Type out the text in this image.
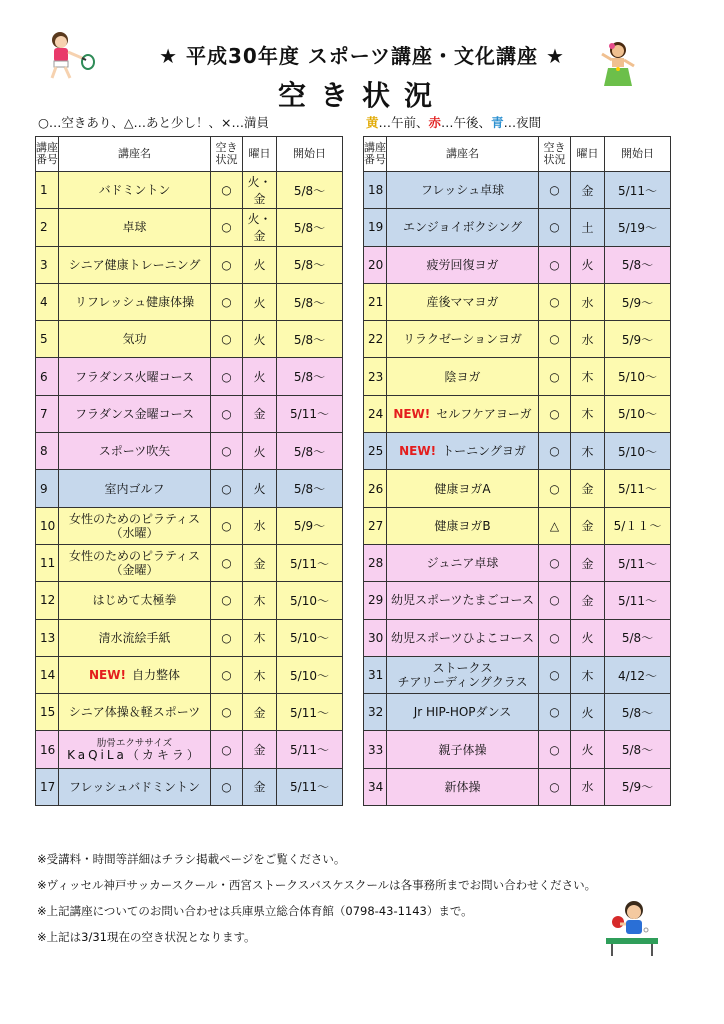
★ 平成30年度 スポーツ講座・文化講座 ★
空き状況
○…空きあり、△…あと少し！、×…満員	黄…午前、赤…午後、青…夜間
講座番号	講座名	空き状況	曜日	開始日
1	バドミントン	○	火・金	5/8～
2	卓球	○	火・金	5/8～
3	シニア健康トレーニング	○	火	5/8～
4	リフレッシュ健康体操	○	火	5/8～
5	気功	○	火	5/8～
6	フラダンス火曜コース	○	火	5/8～
7	フラダンス金曜コース	○	金	5/11～
8	スポーツ吹矢	○	火	5/8～
9	室内ゴルフ	○	火	5/8～
10	女性のためのピラティス
（水曜）	○	水	5/9～
11	女性のためのピラティス
（金曜）	○	金	5/11～
12	はじめて太極拳	○	木	5/10～
13	清水流絵手紙	○	木	5/10～
14	NEW! 自力整体	○	木	5/10～
15	シニア体操＆軽スポーツ	○	金	5/11～
16	肋骨エクササイズ
KaQiLa（カキラ）	○	金	5/11～
17	フレッシュバドミントン	○	金	5/11～
講座番号	講座名	空き状況	曜日	開始日
18	フレッシュ卓球	○	金	5/11～
19	エンジョイボクシング	○	土	5/19～
20	疲労回復ヨガ	○	火	5/8～
21	産後ママヨガ	○	水	5/9～
22	リラクゼーションヨガ	○	水	5/9～
23	陰ヨガ	○	木	5/10～
24	NEW! セルフケアヨーガ	○	木	5/10～
25	NEW! トーニングヨガ	○	木	5/10～
26	健康ヨガA	○	金	5/11～
27	健康ヨガB	△	金	5/１１～
28	ジュニア卓球	○	金	5/11～
29	幼児スポーツたまごコース	○	金	5/11～
30	幼児スポーツひよこコース	○	火	5/8～
31	ストークス
チアリーディングクラス	○	木	4/12～
32	Jr HIP-HOPダンス	○	火	5/8～
33	親子体操	○	火	5/8～
34	新体操	○	水	5/9～
※受講料・時間等詳細はチラシ掲載ページをご覧ください。
※ヴィッセル神戸サッカースクール・西宮ストークスバスケスクールは各事務所までお問い合わせください。
※上記講座についてのお問い合わせは兵庫県立総合体育館（0798-43-1143）まで。
※上記は3/31現在の空き状況となります。
